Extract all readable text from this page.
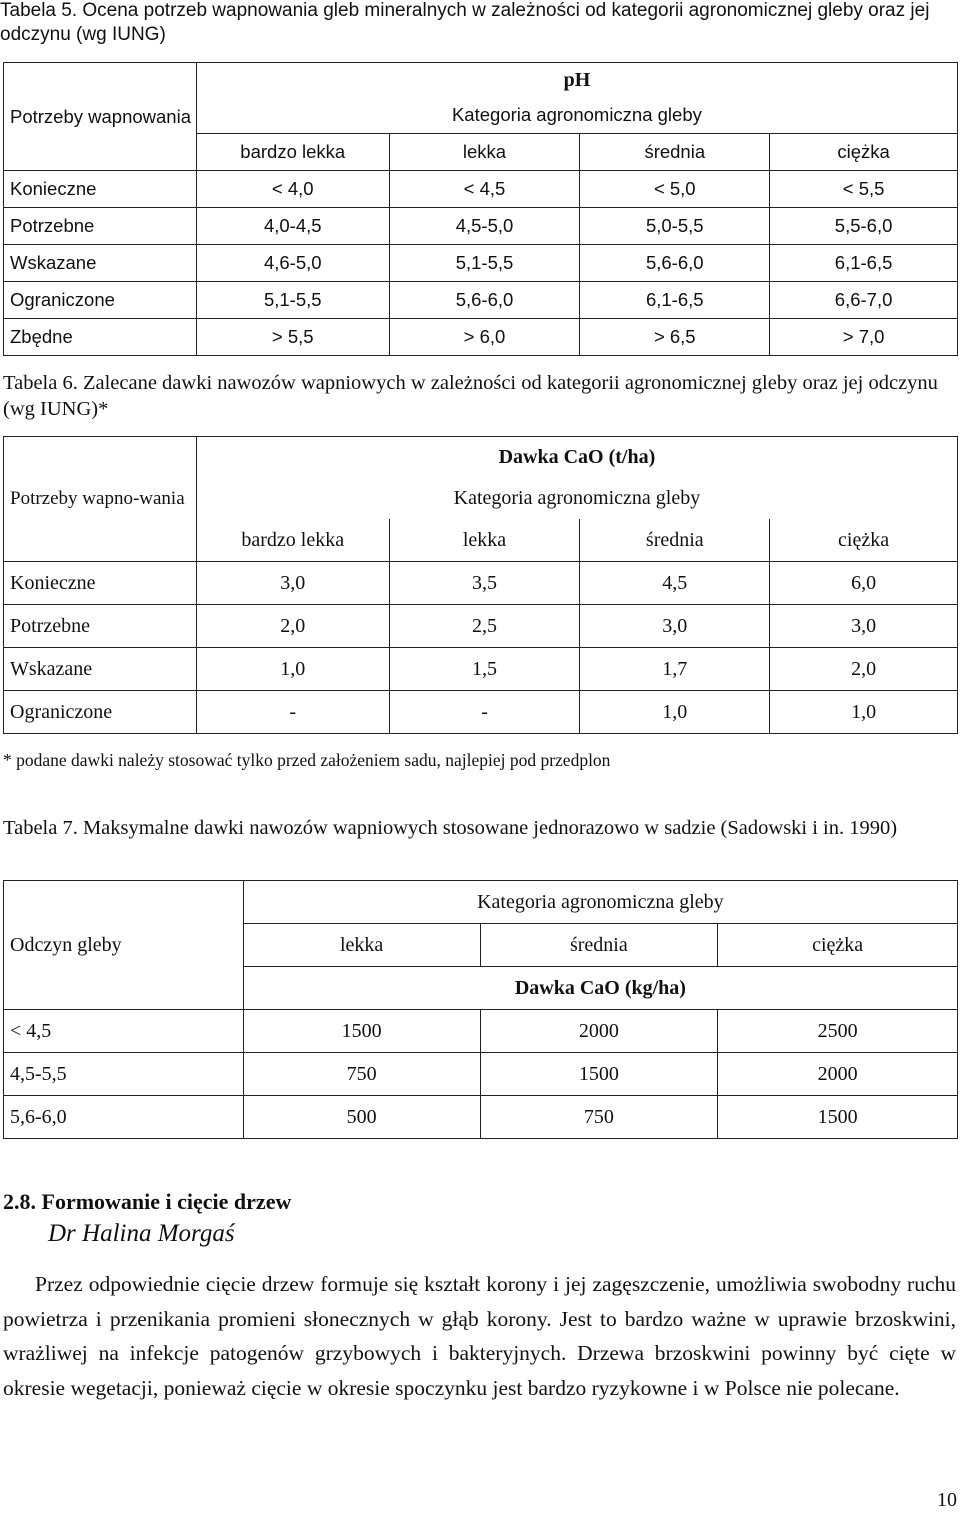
Tabela 5. Ocena potrzeb wapnowania gleb mineralnych w zależności od kategorii agronomicznej gleby oraz jej odczynu (wg IUNG)
Potrzeby wapnowania	pH			
	Kategoria agronomiczna gleby			
	bardzo lekka	lekka	średnia	ciężka
Konieczne	< 4,0	< 4,5	< 5,0	< 5,5
Potrzebne	4,0-4,5	4,5-5,0	5,0-5,5	5,5-6,0
Wskazane	4,6-5,0	5,1-5,5	5,6-6,0	6,1-6,5
Ograniczone	5,1-5,5	5,6-6,0	6,1-6,5	6,6-7,0
Zbędne	> 5,5	> 6,0	> 6,5	> 7,0
Tabela 6. Zalecane dawki nawozów wapniowych w zależności od kategorii agronomicznej gleby oraz jej odczynu (wg IUNG)*
Potrzeby wapno-wania	Dawka CaO (t/ha)			
	Kategoria agronomiczna gleby			
	bardzo lekka	lekka	średnia	ciężka
Konieczne	3,0	3,5	4,5	6,0
Potrzebne	2,0	2,5	3,0	3,0
Wskazane	1,0	1,5	1,7	2,0
Ograniczone	-	-	1,0	1,0
* podane dawki należy stosować tylko przed założeniem sadu, najlepiej pod przedplon
Tabela 7. Maksymalne dawki nawozów wapniowych stosowane jednorazowo w sadzie (Sadowski i in. 1990)
Odczyn gleby	Kategoria agronomiczna gleby		
	lekka	średnia	ciężka
	Dawka CaO (kg/ha)		
< 4,5	1500	2000	2500
4,5-5,5	750	1500	2000
5,6-6,0	500	750	1500
2.8. Formowanie i cięcie drzew
Dr Halina Morgaś
Przez odpowiednie cięcie drzew formuje się kształt korony i jej zagęszczenie, umożliwia swobodny ruchu powietrza i przenikania promieni słonecznych w głąb korony. Jest to bardzo ważne w uprawie brzoskwini, wrażliwej na infekcje patogenów grzybowych i bakteryjnych. Drzewa brzoskwini powinny być cięte w okresie wegetacji, ponieważ cięcie w okresie spoczynku jest bardzo ryzykowne i w Polsce nie polecane.
10
